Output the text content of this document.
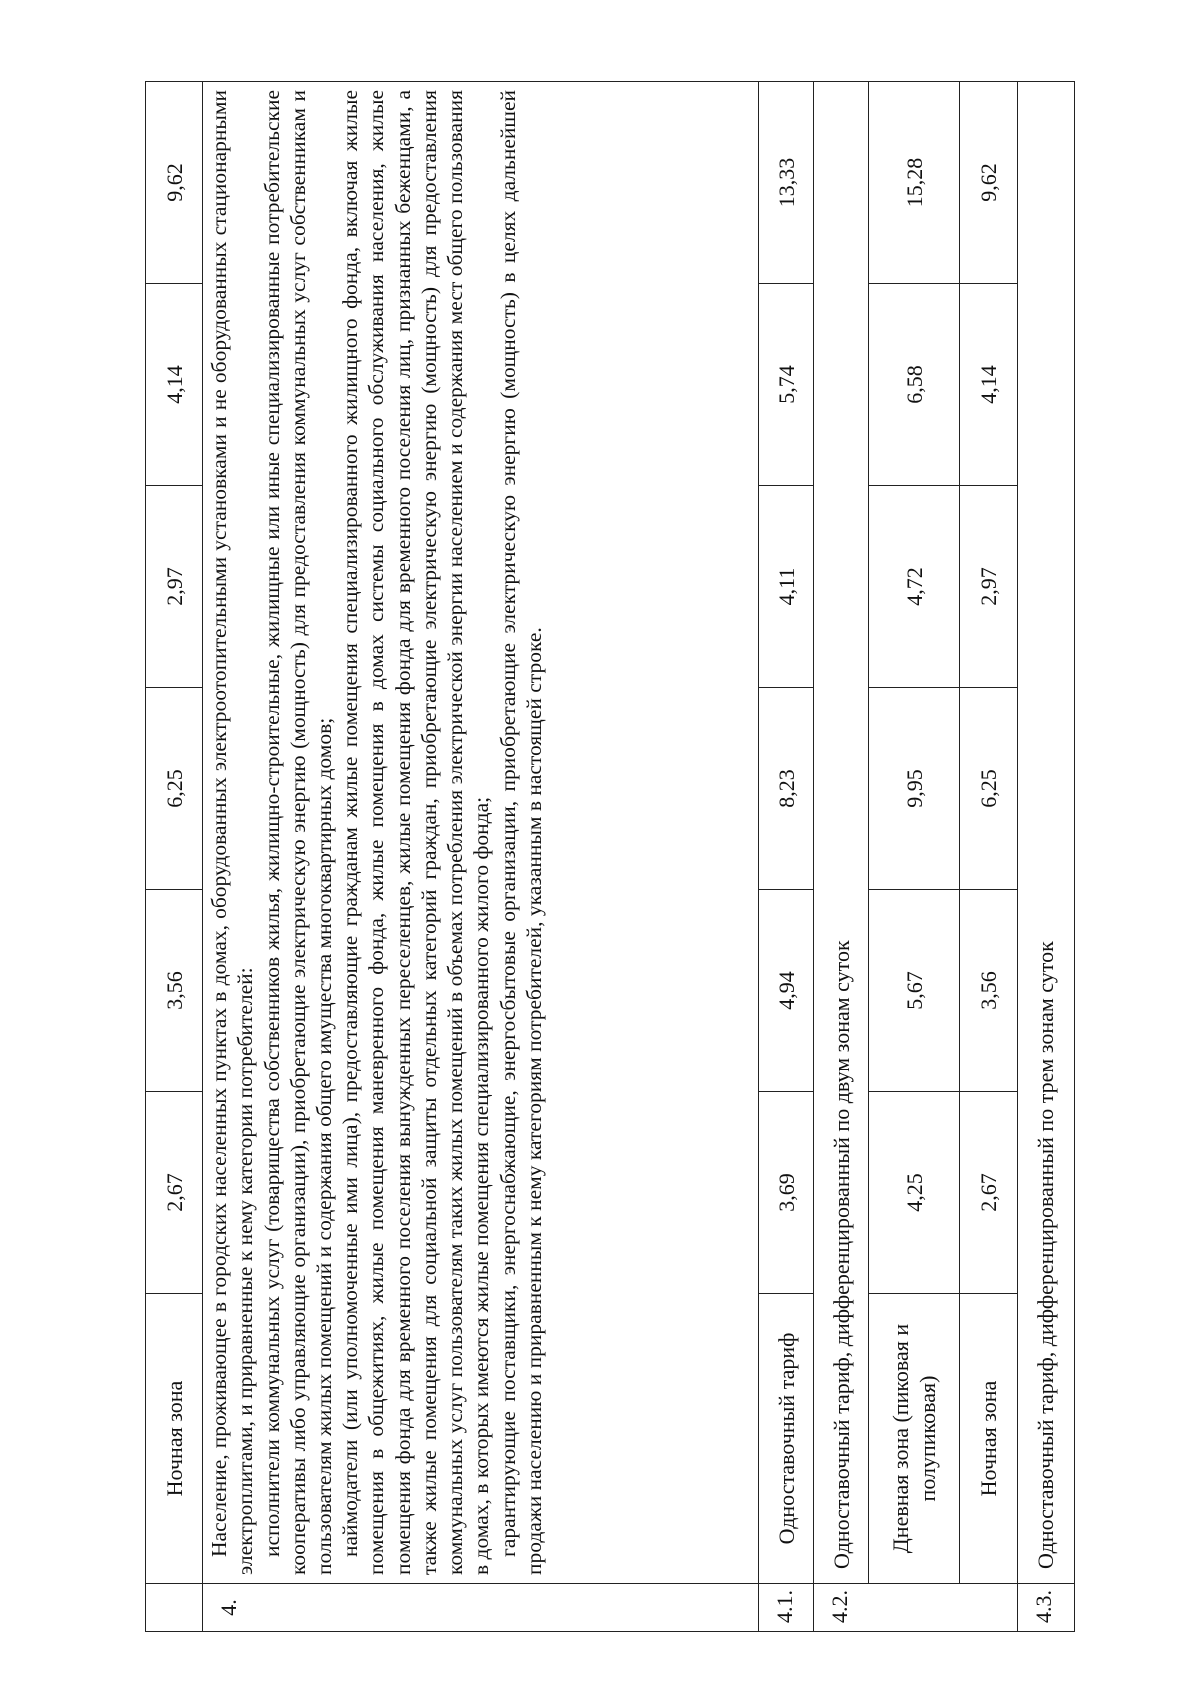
	Ночная зона	2,67	3,56	6,25	2,97	4,14	9,62
4.	Население, проживающее в городских населенных пунктах в домах, оборудованных электроотопительными установками и не оборудованных стационарными электроплитами, и приравненные к нему категории потребителей: исполнители коммунальных услуг (товарищества собственников жилья, жилищно-строительные, жилищные или иные специализированные потребительские кооперативы либо управляющие организации), приобретающие электрическую энергию (мощность) для предоставления коммунальных услуг собственникам и пользователям жилых помещений и содержания общего имущества многоквартирных домов; наймодатели (или уполномоченные ими лица), предоставляющие гражданам жилые помещения специализированного жилищного фонда, включая жилые помещения в общежитиях, жилые помещения маневренного фонда, жилые помещения в домах системы социального обслуживания населения, жилые помещения фонда для временного поселения вынужденных переселенцев, жилые помещения фонда для временного поселения лиц, признанных беженцами, а также жилые помещения для социальной защиты отдельных категорий граждан, приобретающие электрическую энергию (мощность) для предоставления коммунальных услуг пользователям таких жилых помещений в объемах потребления электрической энергии населением и содержания мест общего пользования в домах, в которых имеются жилые помещения специализированного жилого фонда; гарантирующие поставщики, энергоснабжающие, энергосбытовые организации, приобретающие электрическую энергию (мощность) в целях дальнейшей продажи населению и приравненным к нему категориям потребителей, указанным в настоящей строке.						

4.1.	Одноставочный тариф	3,69	4,94	8,23	4,11	5,74	13,33
4.2.	Одноставочный тариф, дифференцированный по двум зонам суток						
	Дневная зона (пиковая и полупиковая)	4,25	5,67	9,95	4,72	6,58	15,28
	Ночная зона	2,67	3,56	6,25	2,97	4,14	9,62
4.3.	Одноставочный тариф, дифференцированный по трем зонам суток						
